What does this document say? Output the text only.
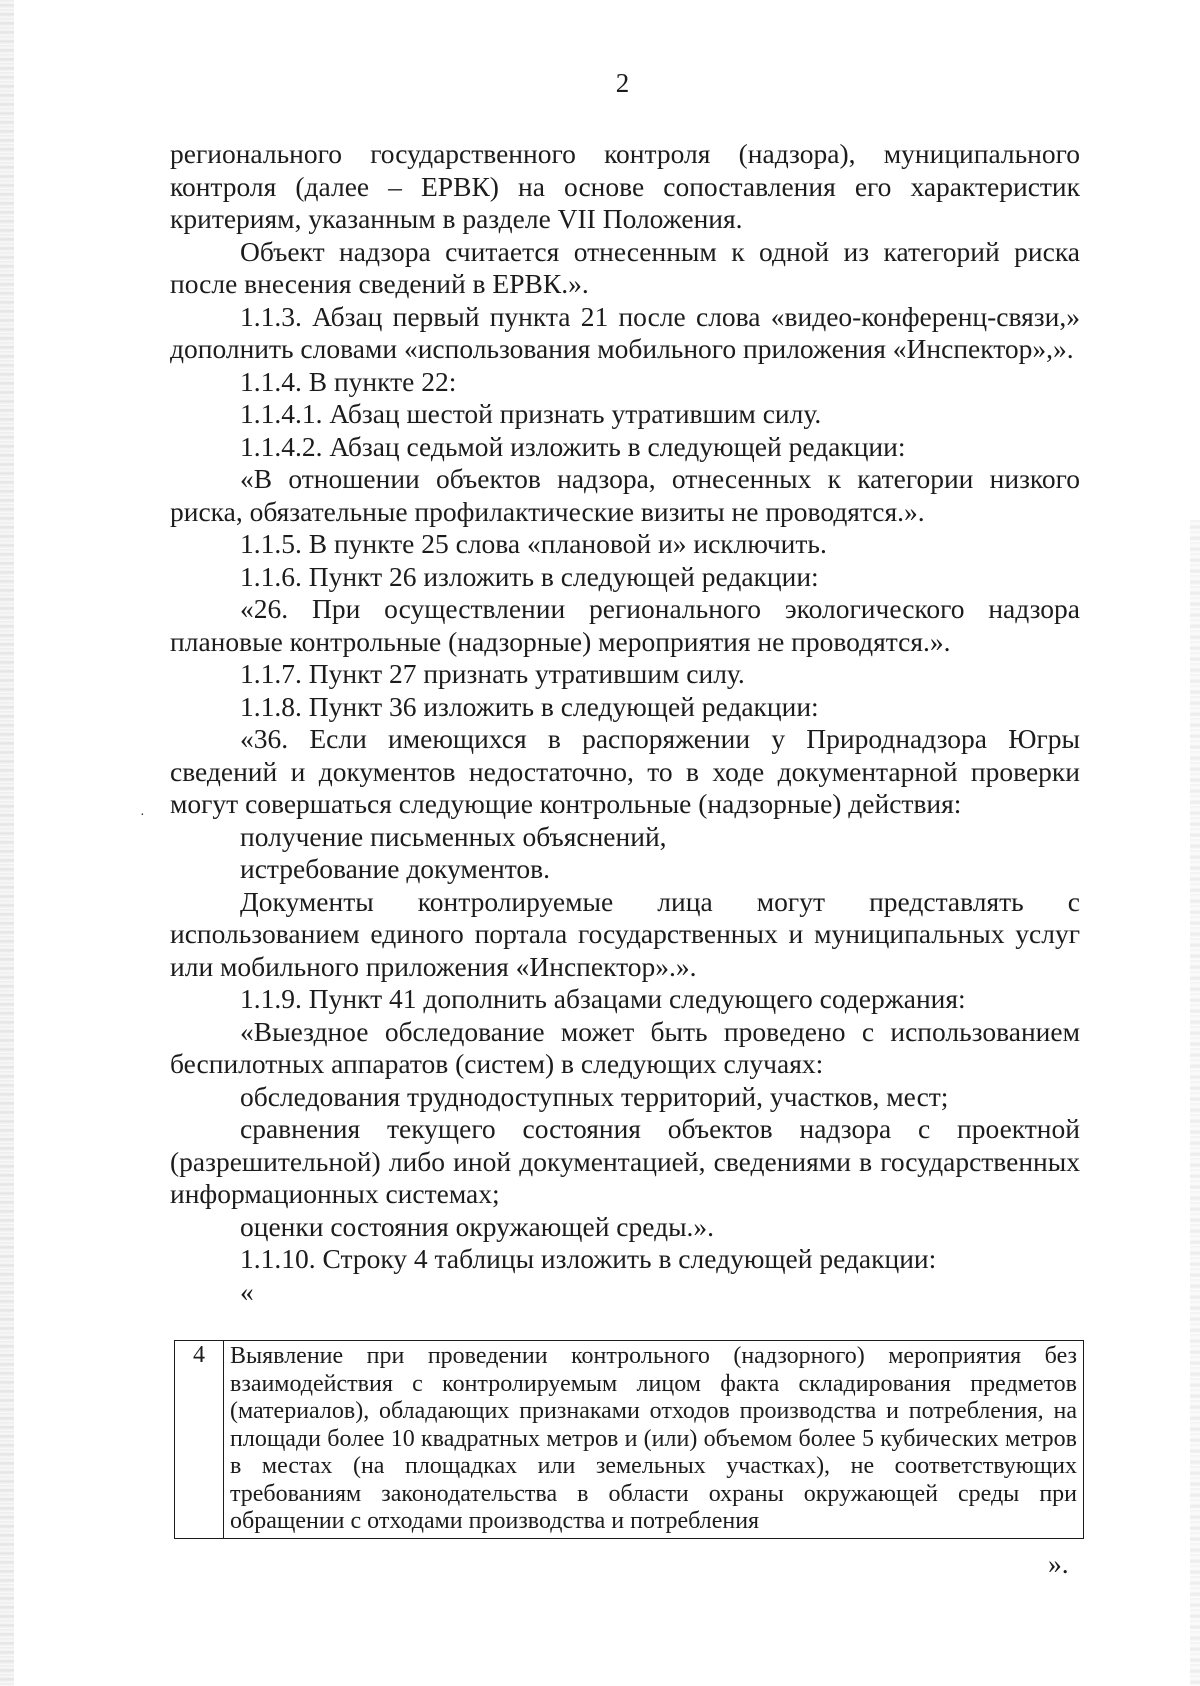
2

регионального государственного контроля (надзора), муниципального контроля (далее – ЕРВК) на основе сопоставления его характеристик критериям, указанным в разделе VII Положения.

Объект надзора считается отнесенным к одной из категорий риска после внесения сведений в ЕРВК.».

1.1.3. Абзац первый пункта 21 после слова «видео-конференц-связи,» дополнить словами «использования мобильного приложения «Инспектор»,».

1.1.4. В пункте 22:

1.1.4.1. Абзац шестой признать утратившим силу.

1.1.4.2. Абзац седьмой изложить в следующей редакции:

«В отношении объектов надзора, отнесенных к категории низкого риска, обязательные профилактические визиты не проводятся.».

1.1.5. В пункте 25 слова «плановой и» исключить.

1.1.6. Пункт 26 изложить в следующей редакции:

«26. При осуществлении регионального экологического надзора плановые контрольные (надзорные) мероприятия не проводятся.».

1.1.7. Пункт 27 признать утратившим силу.

1.1.8. Пункт 36 изложить в следующей редакции:

«36. Если имеющихся в распоряжении у Природнадзора Югры сведений и документов недостаточно, то в ходе документарной проверки могут совершаться следующие контрольные (надзорные) действия:

получение письменных объяснений,

истребование документов.

Документы контролируемые лица могут представлять с использованием единого портала государственных и муниципальных услуг или мобильного приложения «Инспектор».».

1.1.9. Пункт 41 дополнить абзацами следующего содержания:

«Выездное обследование может быть проведено с использованием беспилотных аппаратов (систем) в следующих случаях:

обследования труднодоступных территорий, участков, мест;

сравнения текущего состояния объектов надзора с проектной (разрешительной) либо иной документацией, сведениями в государственных информационных системах;

оценки состояния окружающей среды.».

1.1.10. Строку 4 таблицы изложить в следующей редакции:

«

·
4	Выявление при проведении контрольного (надзорного) мероприятия без взаимодействия с контролируемым лицом факта складирования предметов (материалов), обладающих признаками отходов производства и потребления, на площади более 10 квадратных метров и (или) объемом более 5 кубических метров в местах (на площадках или земельных участках), не соответствующих требованиям законодательства в области охраны окружающей среды при обращении с отходами производства и потребления
».
